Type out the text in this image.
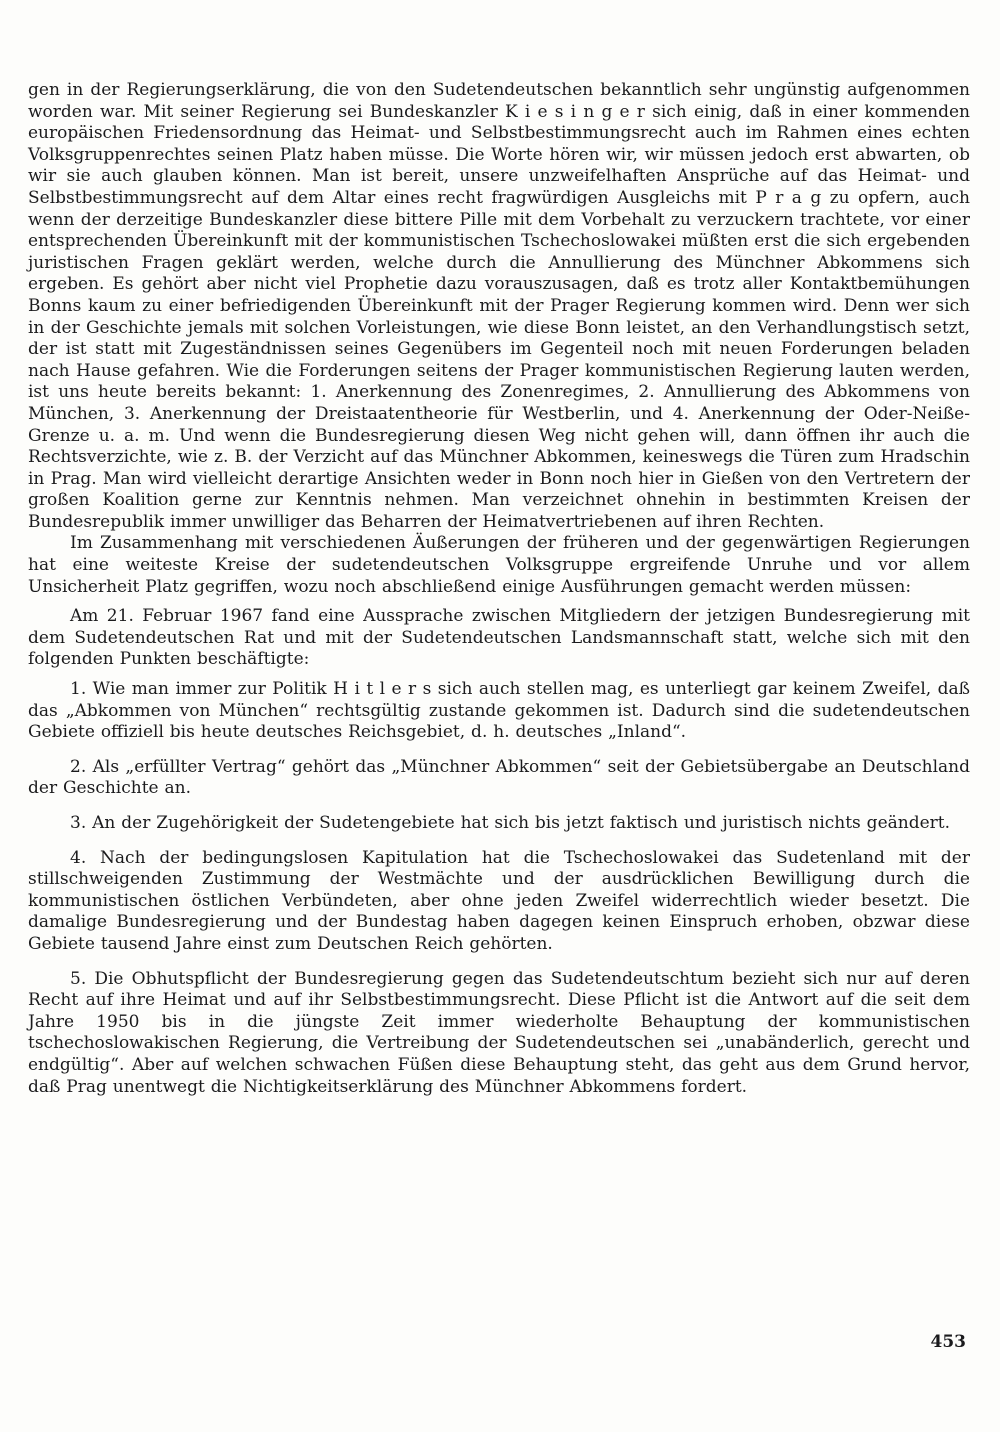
gen in der Regierungserklärung, die von den Sudetendeutschen bekanntlich sehr ungünstig aufgenommen worden war. Mit seiner Regierung sei Bundeskanzler K i e s i n g e r sich einig, daß in einer kommenden europäischen Friedensordnung das Heimat- und Selbstbestimmungsrecht auch im Rahmen eines echten Volksgruppenrechtes seinen Platz haben müsse. Die Worte hören wir, wir müssen jedoch erst abwarten, ob wir sie auch glauben können. Man ist bereit, unsere unzweifelhaften Ansprüche auf das Heimat- und Selbstbestimmungsrecht auf dem Altar eines recht fragwürdigen Ausgleichs mit P r a g zu opfern, auch wenn der derzeitige Bundeskanzler diese bittere Pille mit dem Vorbehalt zu verzuckern trachtete, vor einer entsprechenden Übereinkunft mit der kommunistischen Tschechoslowakei müßten erst die sich ergebenden juristischen Fragen geklärt werden, welche durch die Annullierung des Münchner Abkommens sich ergeben. Es gehört aber nicht viel Prophetie dazu vorauszusagen, daß es trotz aller Kontaktbemühungen Bonns kaum zu einer befriedigenden Übereinkunft mit der Prager Regierung kommen wird. Denn wer sich in der Geschichte jemals mit solchen Vorleistungen, wie diese Bonn leistet, an den Verhandlungstisch setzt, der ist statt mit Zugeständnissen seines Gegenübers im Gegenteil noch mit neuen Forderungen beladen nach Hause gefahren. Wie die Forderungen seitens der Prager kommunistischen Regierung lauten werden, ist uns heute bereits bekannt: 1. Anerkennung des Zonenregimes, 2. Annullierung des Abkommens von München, 3. Anerkennung der Dreistaatentheorie für Westberlin, und 4. Anerkennung der Oder-Neiße-Grenze u. a. m. Und wenn die Bundesregierung diesen Weg nicht gehen will, dann öffnen ihr auch die Rechtsverzichte, wie z. B. der Verzicht auf das Münchner Abkommen, keineswegs die Türen zum Hradschin in Prag. Man wird vielleicht derartige Ansichten weder in Bonn noch hier in Gießen von den Vertretern der großen Koalition gerne zur Kenntnis nehmen. Man verzeichnet ohnehin in bestimmten Kreisen der Bundesrepublik immer unwilliger das Beharren der Heimatvertriebenen auf ihren Rechten.

Im Zusammenhang mit verschiedenen Äußerungen der früheren und der gegenwärtigen Regierungen hat eine weiteste Kreise der sudetendeutschen Volksgruppe ergreifende Unruhe und vor allem Unsicherheit Platz gegriffen, wozu noch abschließend einige Ausführungen gemacht werden müssen:

Am 21. Februar 1967 fand eine Aussprache zwischen Mitgliedern der jetzigen Bundesregierung mit dem Sudetendeutschen Rat und mit der Sudetendeutschen Landsmannschaft statt, welche sich mit den folgenden Punkten beschäftigte:

1. Wie man immer zur Politik H i t l e r s sich auch stellen mag, es unterliegt gar keinem Zweifel, daß das „Abkommen von München“ rechtsgültig zustande gekommen ist. Dadurch sind die sudetendeutschen Gebiete offiziell bis heute deutsches Reichsgebiet, d. h. deutsches „Inland“.

2. Als „erfüllter Vertrag“ gehört das „Münchner Abkommen“ seit der Gebietsübergabe an Deutschland der Geschichte an.

3. An der Zugehörigkeit der Sudetengebiete hat sich bis jetzt faktisch und juristisch nichts geändert.

4. Nach der bedingungslosen Kapitulation hat die Tschechoslowakei das Sudetenland mit der stillschweigenden Zustimmung der Westmächte und der ausdrücklichen Bewilligung durch die kommunistischen östlichen Verbündeten, aber ohne jeden Zweifel widerrechtlich wieder besetzt. Die damalige Bundesregierung und der Bundestag haben dagegen keinen Einspruch erhoben, obzwar diese Gebiete tausend Jahre einst zum Deutschen Reich gehörten.

5. Die Obhutspflicht der Bundesregierung gegen das Sudetendeutschtum bezieht sich nur auf deren Recht auf ihre Heimat und auf ihr Selbstbestimmungsrecht. Diese Pflicht ist die Antwort auf die seit dem Jahre 1950 bis in die jüngste Zeit immer wiederholte Behauptung der kommunistischen tschechoslowakischen Regierung, die Vertreibung der Sudetendeutschen sei „unabänderlich, gerecht und endgültig“. Aber auf welchen schwachen Füßen diese Behauptung steht, das geht aus dem Grund hervor, daß Prag unentwegt die Nichtigkeitserklärung des Münchner Abkommens fordert.

453
